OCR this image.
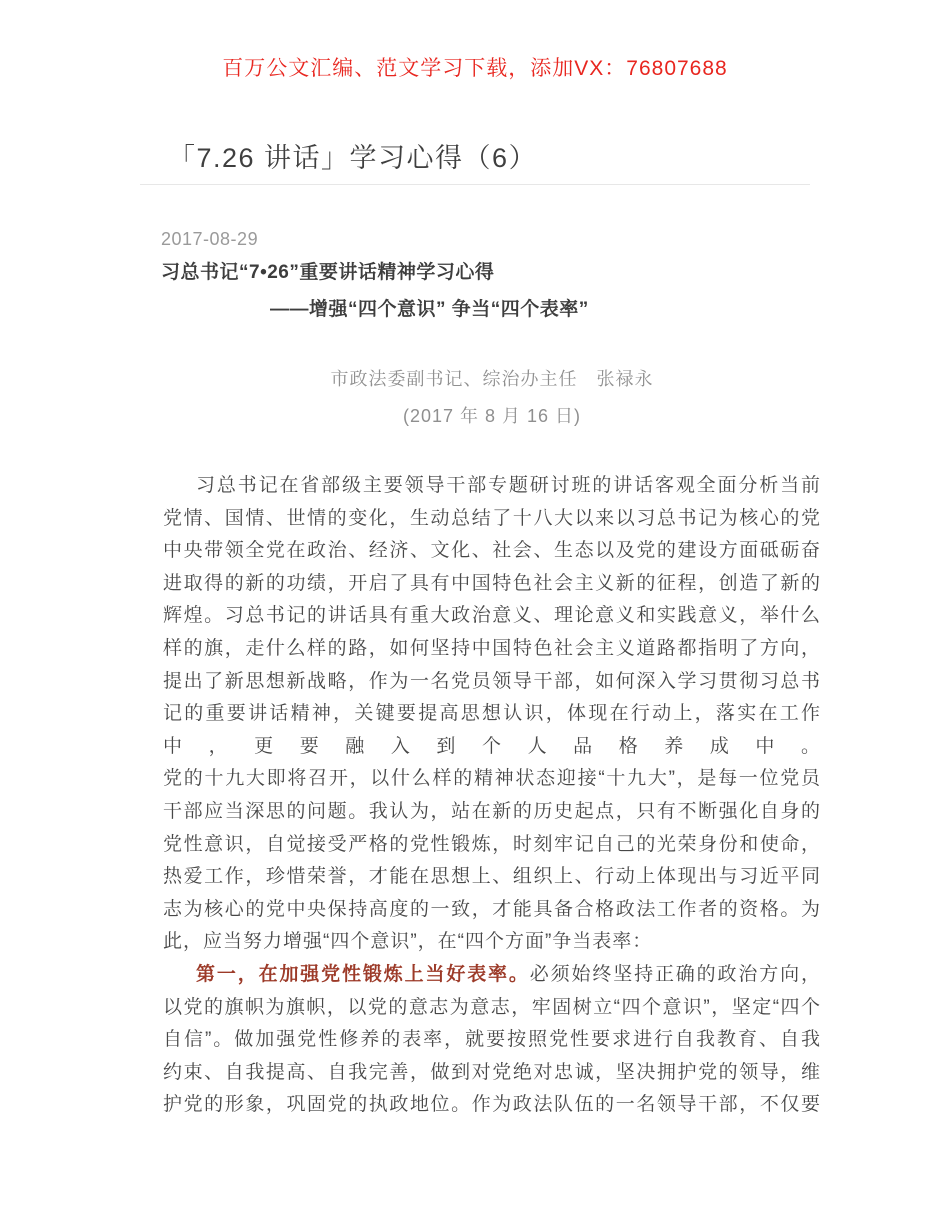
百万公文汇编、范文学习下载，添加VX：76807688
「7.26 讲话」学习心得（6）
2017-08-29
习总书记“7•26”重要讲话精神学习心得
——增强“四个意识” 争当“四个表率”
市政法委副书记、综治办主任　张禄永
(2017 年 8 月 16 日)
习总书记在省部级主要领导干部专题研讨班的讲话客观全面分析当前
党情、国情、世情的变化，生动总结了十八大以来以习总书记为核心的党
中央带领全党在政治、经济、文化、社会、生态以及党的建设方面砥砺奋
进取得的新的功绩，开启了具有中国特色社会主义新的征程，创造了新的
辉煌。习总书记的讲话具有重大政治意义、理论意义和实践意义，举什么
样的旗，走什么样的路，如何坚持中国特色社会主义道路都指明了方向，
提出了新思想新战略，作为一名党员领导干部，如何深入学习贯彻习总书
记的重要讲话精神，关键要提高思想认识，体现在行动上，落实在工作
中，更要融入到个人品格养成中。
党的十九大即将召开，以什么样的精神状态迎接“十九大”，是每一位党员
干部应当深思的问题。我认为，站在新的历史起点，只有不断强化自身的
党性意识，自觉接受严格的党性锻炼，时刻牢记自己的光荣身份和使命，
热爱工作，珍惜荣誉，才能在思想上、组织上、行动上体现出与习近平同
志为核心的党中央保持高度的一致，才能具备合格政法工作者的资格。为
此，应当努力增强“四个意识”，在“四个方面”争当表率：
第一，在加强党性锻炼上当好表率。必须始终坚持正确的政治方向，
以党的旗帜为旗帜，以党的意志为意志，牢固树立“四个意识”，坚定“四个
自信”。做加强党性修养的表率，就要按照党性要求进行自我教育、自我
约束、自我提高、自我完善，做到对党绝对忠诚，坚决拥护党的领导，维
护党的形象，巩固党的执政地位。作为政法队伍的一名领导干部，不仅要
